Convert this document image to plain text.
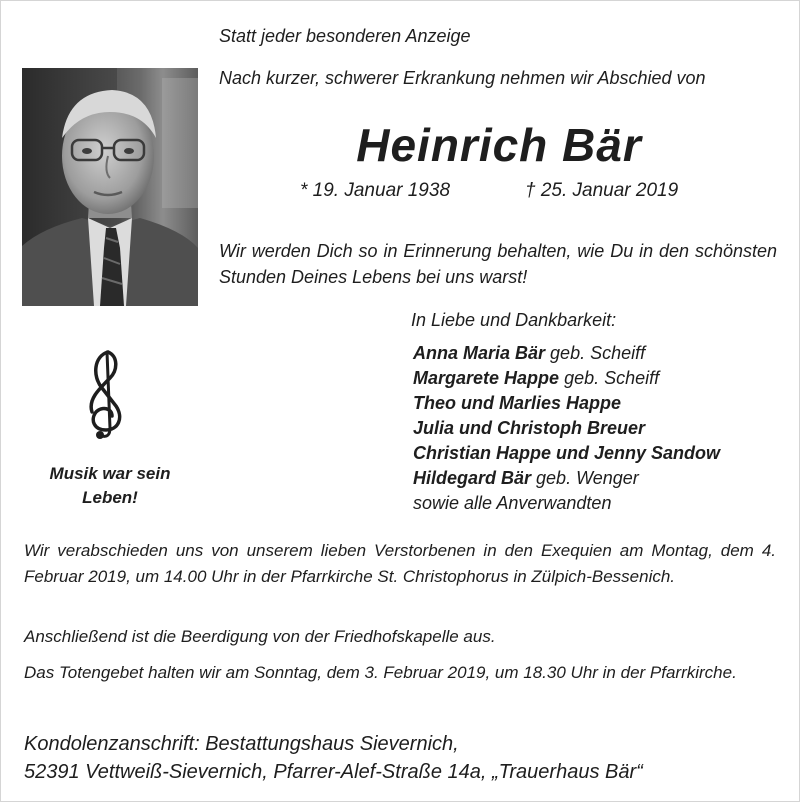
Statt jeder besonderen Anzeige
Nach kurzer, schwerer Erkrankung nehmen wir Abschied von
Heinrich Bär
* 19. Januar 1938	† 25. Januar 2019
Wir werden Dich so in Erinnerung behalten, wie Du in den schönsten Stunden Deines Lebens bei uns warst!
Musik war sein
Leben!
In Liebe und Dankbarkeit:
Anna Maria Bär geb. Scheiff
Margarete Happe geb. Scheiff
Theo und Marlies Happe
Julia und Christoph Breuer
Christian Happe und Jenny Sandow
Hildegard Bär geb. Wenger
sowie alle Anverwandten
Wir verabschieden uns von unserem lieben Verstorbenen in den Exequien am Montag, dem 4. Februar 2019, um 14.00 Uhr in der Pfarrkirche St. Christophorus in Zülpich-Bessenich.
Anschließend ist die Beerdigung von der Friedhofskapelle aus.
Das Totengebet halten wir am Sonntag, dem 3. Februar 2019, um 18.30 Uhr in der Pfarrkirche.
Kondolenzanschrift: Bestattungshaus Sievernich,
52391 Vettweiß-Sievernich, Pfarrer-Alef-Straße 14a, „Trauerhaus Bär“
